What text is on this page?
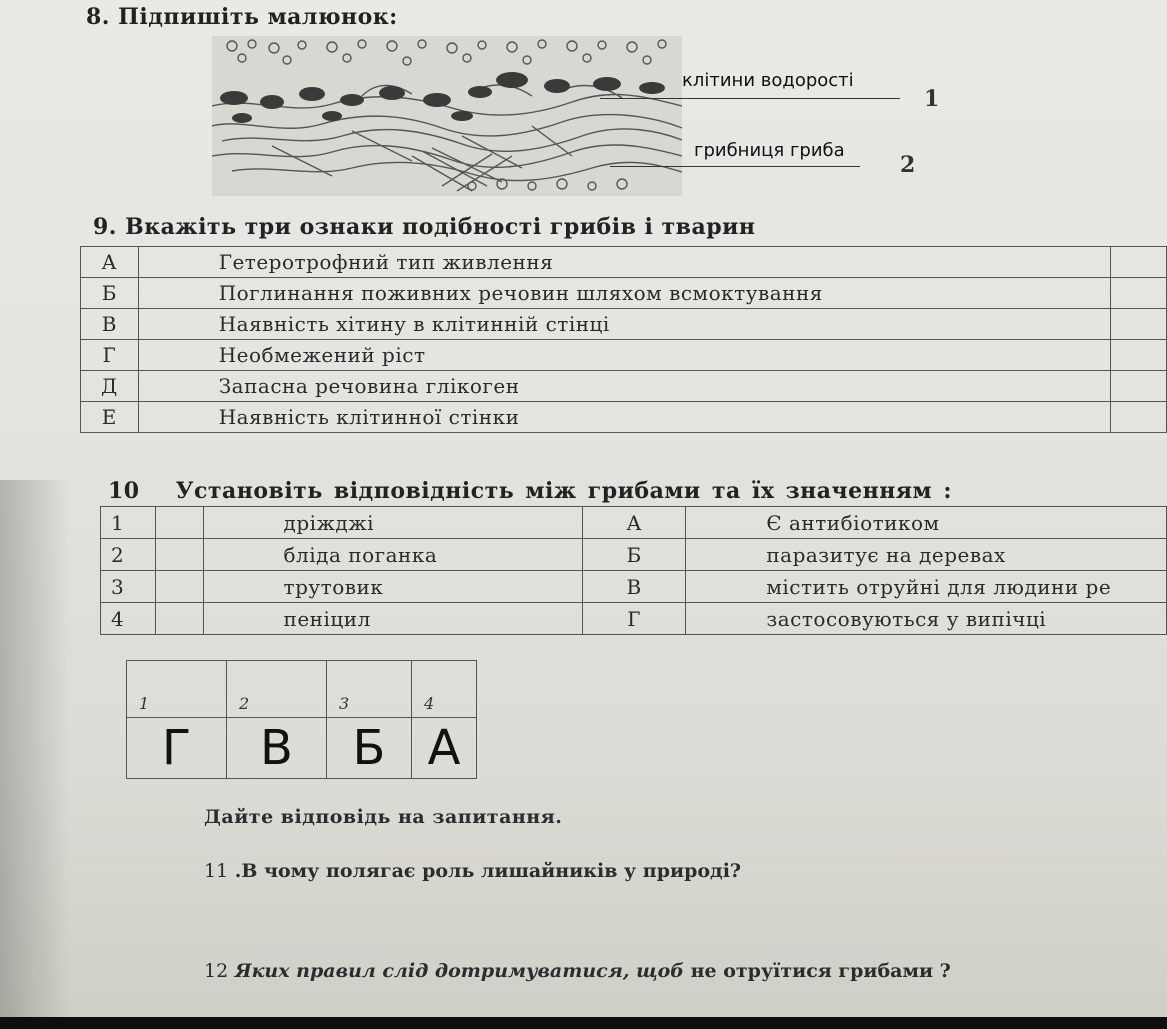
8. Підпишіть малюнок:
клітини водорості
1
грибниця гриба
2
9. Вкажіть три ознаки подібності грибів і тварин
А	Гетеротрофний тип живлення	
Б	Поглинання поживних речовин шляхом всмоктування	
В	Наявність хітину в клітинній стінці	
Г	Необмежений ріст	
Д	Запасна речовина глікоген	
Е	Наявність клітинної стінки	
10 Установіть відповідність між грибами та їх значенням :
1		дріжджі	А	Є антибіотиком
2		бліда поганка	Б	паразитує на деревах
3		трутовик	В	містить отруйні для людини ре
4		пеніцил	Г	застосовуються у випічці
1	2	3	4
Г	В	Б	А
Дайте відповідь на запитання.
11 .В чому полягає роль лишайників у природі?
12 Яких правил слід дотримуватися, щоб не отруїтися грибами ?
